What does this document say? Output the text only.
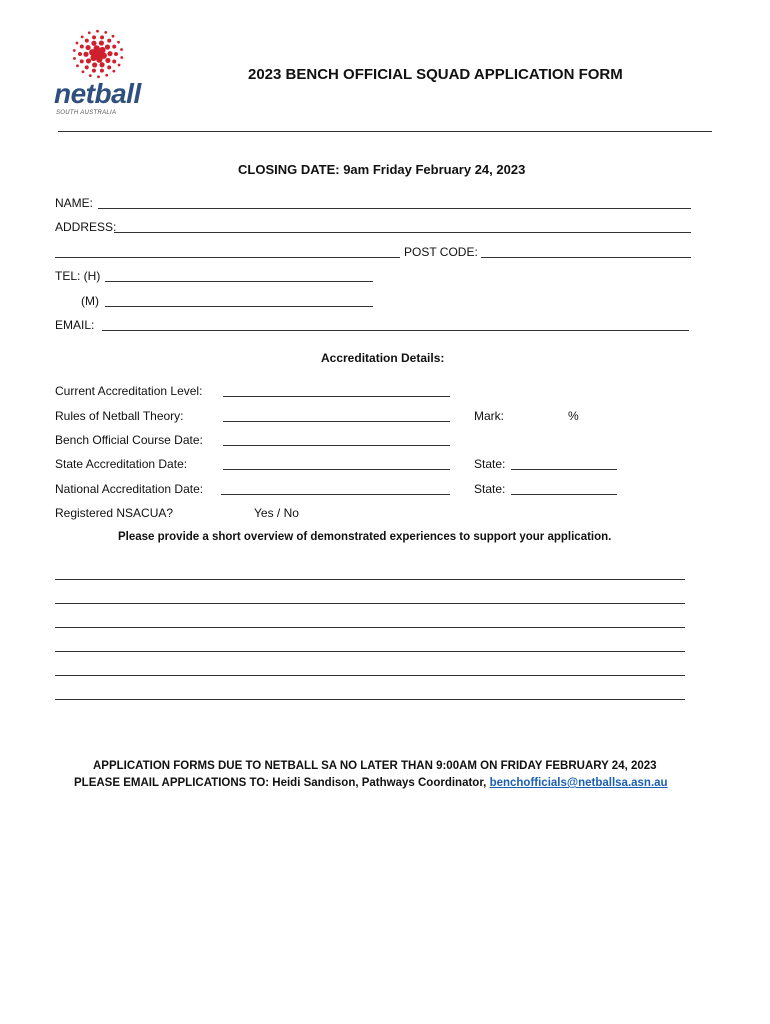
netball
SOUTH AUSTRALIA
2023 BENCH OFFICIAL SQUAD APPLICATION FORM
CLOSING DATE: 9am Friday February 24, 2023
NAME:
ADDRESS:
POST CODE:
TEL: (H)
(M)
EMAIL:
Accreditation Details:
Current Accreditation Level:
Rules of Netball Theory:	Mark:	%
Bench Official Course Date:
State Accreditation Date:	State:
National Accreditation Date:	State:
Registered NSACUA?	Yes / No
Please provide a short overview of demonstrated experiences to support your application.
APPLICATION FORMS DUE TO NETBALL SA NO LATER THAN 9:00AM ON FRIDAY FEBRUARY 24, 2023
PLEASE EMAIL APPLICATIONS TO: Heidi Sandison, Pathways Coordinator, benchofficials@netballsa.asn.au
